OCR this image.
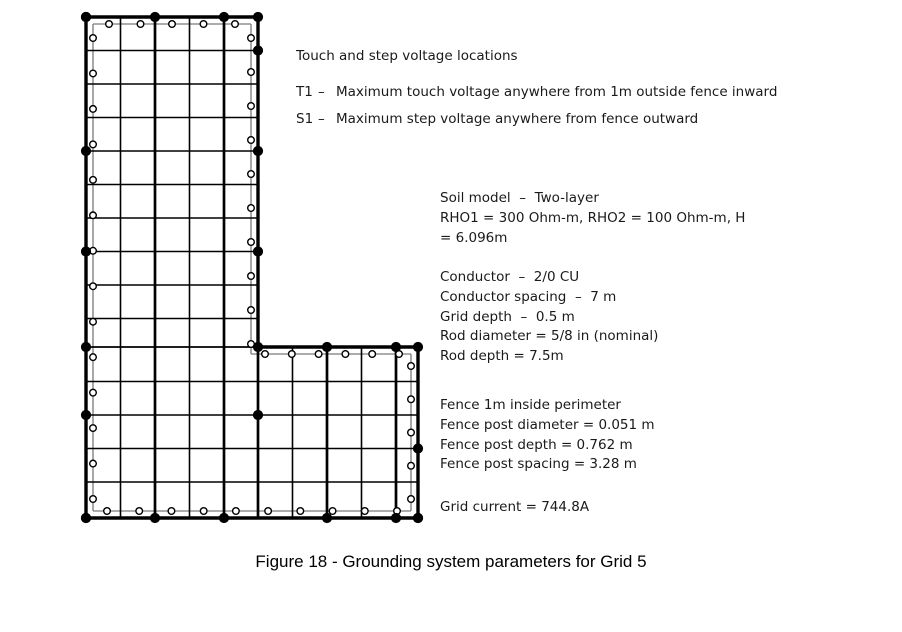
Touch and step voltage locations
T1 – Maximum touch voltage anywhere from 1m outside fence inward
S1 – Maximum step voltage anywhere from fence outward
Soil model  –  Two-layer
RHO1 = 300 Ohm-m, RHO2 = 100 Ohm-m, H
= 6.096m
Conductor  –  2/0 CU
Conductor spacing  –  7 m
Grid depth  –  0.5 m
Rod diameter = 5/8 in (nominal)
Rod depth = 7.5m
Fence 1m inside perimeter
Fence post diameter = 0.051 m
Fence post depth = 0.762 m
Fence post spacing = 3.28 m
Grid current = 744.8A
Figure 18 - Grounding system parameters for Grid 5
